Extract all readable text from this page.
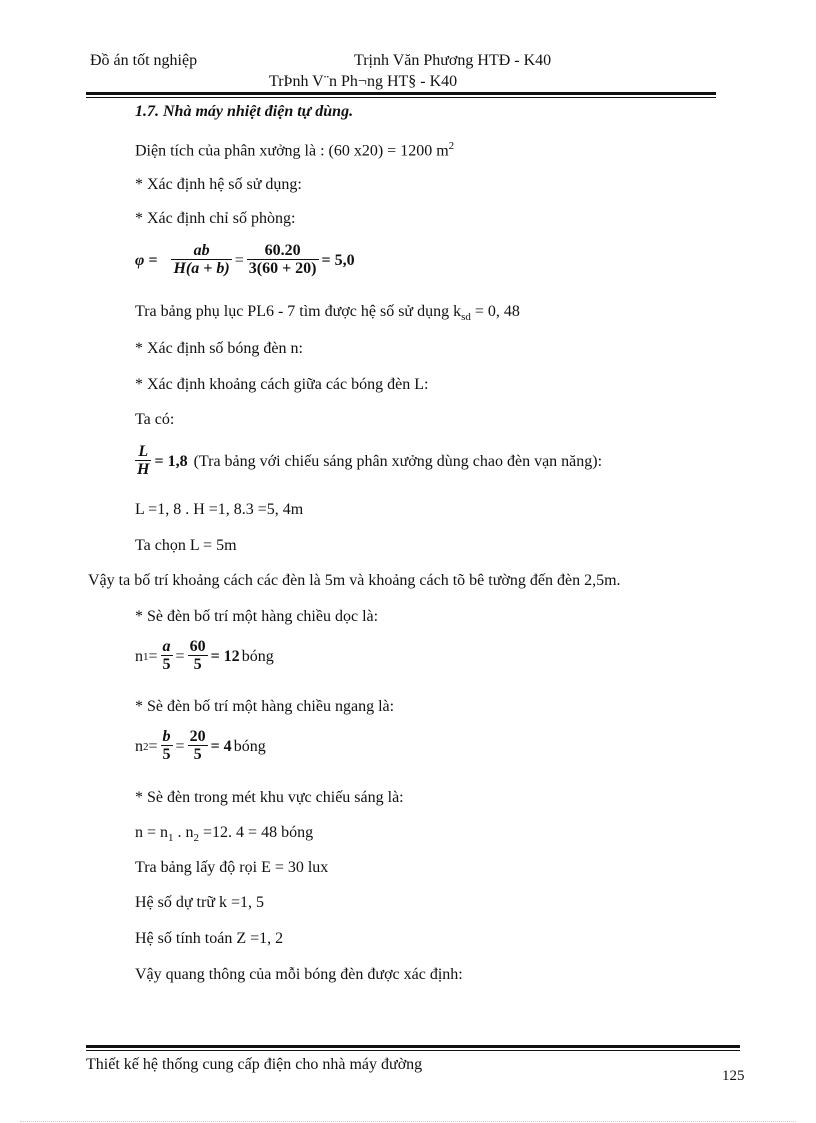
Đồ án tốt nghiệp	Trịnh Văn Phương HTĐ - K40
TrÞnh V¨n Ph¬ng HT§ - K40
1.7. Nhà máy nhiệt điện tự dùng.
Diện tích của phân xưởng là : (60 x20) = 1200 $m^2$
* Xác định hệ số sử dụng:
* Xác định chỉ số phòng:
$\varphi = \frac{ab}{H(a + b)} = \frac{60.20}{3(60 + 20)} = 5,0$
Tra bảng phụ lục PL6 - 7 tìm được hệ số sử dụng $k_{sd} = 0$, 48
* Xác định số bóng đèn n:
* Xác định khoảng cách giữa các bóng đèn L:
Ta có:
$\frac{L}{H} = 1,8$ (Tra bảng với chiếu sáng phân xưởng dùng chao đèn vạn năng):
L =1, 8 . H =1, 8.3 =5, 4m
Ta chọn L = 5m
Vậy ta bố trí khoảng cách các đèn là 5m và khoảng cách tõ bê tường đến đèn 2,5m.
* Sè đèn bố trí một hàng chiều dọc là:
n $1 = \frac{a}{5} = \frac{60}{5} = 12$ bóng
* Sè đèn bố trí một hàng chiều ngang là:
n $2 = \frac{b}{5} = \frac{20}{5} = 4$ bóng
* Sè đèn trong mét khu vực chiếu sáng là:
$n = n_1$ . $n_2 =12$. 4 = 48 bóng
Tra bảng lấy độ rọi E = 30 lux
Hệ số dự trữ k =1, 5
Hệ số tính toán Z =1, 2
Vậy quang thông của mỗi bóng đèn được xác định:
Thiết kế hệ thống cung cấp điện cho nhà máy đường
125
